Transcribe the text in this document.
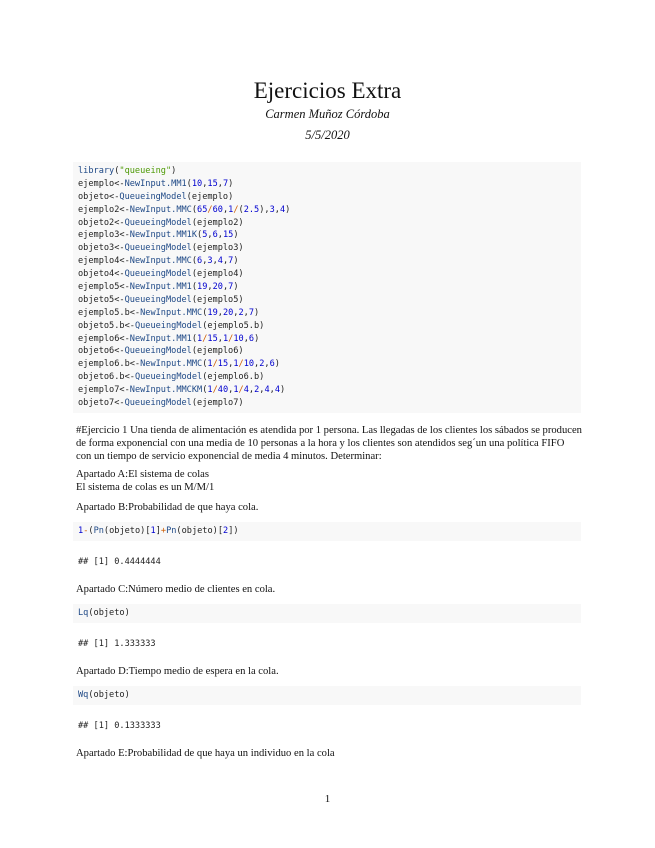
Ejercicios Extra
Carmen Muñoz Córdoba
5/5/2020
library("queueing")
ejemplo<-NewInput.MM1(10,15,7)
objeto<-QueueingModel(ejemplo)
ejemplo2<-NewInput.MMC(65/60,1/(2.5),3,4)
objeto2<-QueueingModel(ejemplo2)
ejemplo3<-NewInput.MM1K(5,6,15)
objeto3<-QueueingModel(ejemplo3)
ejemplo4<-NewInput.MMC(6,3,4,7)
objeto4<-QueueingModel(ejemplo4)
ejemplo5<-NewInput.MM1(19,20,7)
objeto5<-QueueingModel(ejemplo5)
ejemplo5.b<-NewInput.MMC(19,20,2,7)
objeto5.b<-QueueingModel(ejemplo5.b)
ejemplo6<-NewInput.MM1(1/15,1/10,6)
objeto6<-QueueingModel(ejemplo6)
ejemplo6.b<-NewInput.MMC(1/15,1/10,2,6)
objeto6.b<-QueueingModel(ejemplo6.b)
ejemplo7<-NewInput.MMCKM(1/40,1/4,2,4,4)
objeto7<-QueueingModel(ejemplo7)
#Ejercicio 1 Una tienda de alimentación es atendida por 1 persona. Las llegadas de los clientes los sábados se producen de forma exponencial con una media de 10 personas a la hora y los clientes son atendidos seg´un una política FIFO con un tiempo de servicio exponencial de media 4 minutos. Determinar:
Apartado A:El sistema de colas
El sistema de colas es un M/M/1
Apartado B:Probabilidad de que haya cola.
1-(Pn(objeto)[1]+Pn(objeto)[2])
## [1] 0.4444444
Apartado C:Número medio de clientes en cola.
Lq(objeto)
## [1] 1.333333
Apartado D:Tiempo medio de espera en la cola.
Wq(objeto)
## [1] 0.1333333
Apartado E:Probabilidad de que haya un individuo en la cola
1
